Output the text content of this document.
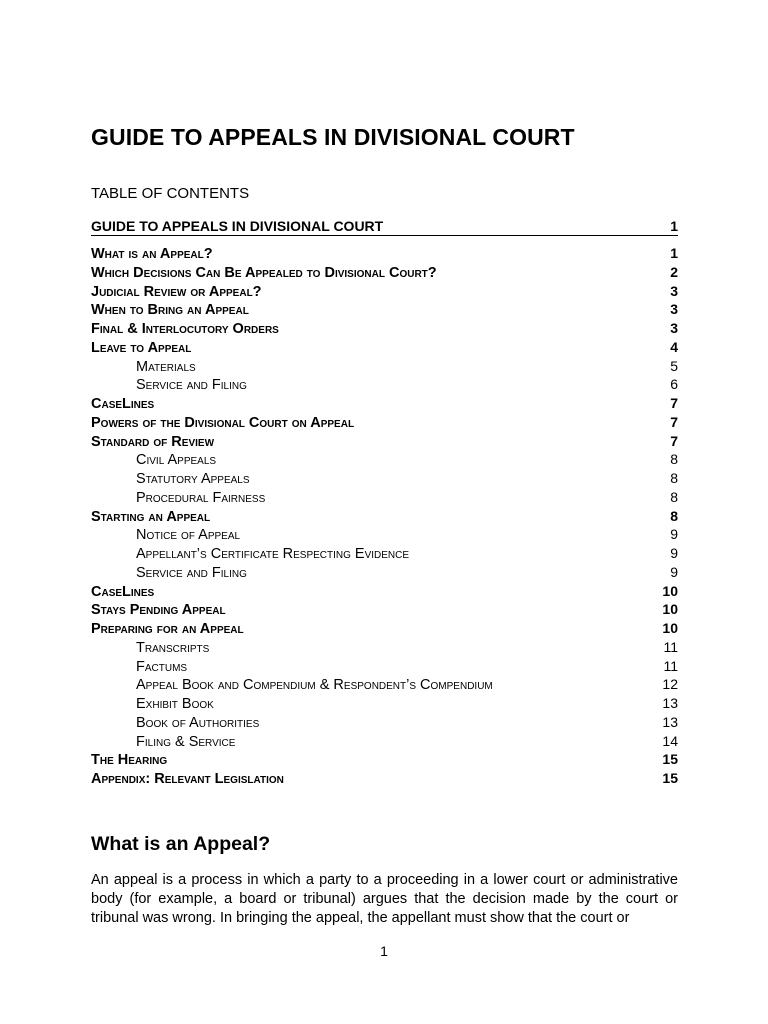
GUIDE TO APPEALS IN DIVISIONAL COURT
TABLE OF CONTENTS
GUIDE TO APPEALS IN DIVISIONAL COURT	1
What is an Appeal?	1
Which Decisions Can Be Appealed to Divisional Court?	2
Judicial Review or Appeal?	3
When to Bring an Appeal	3
Final & Interlocutory Orders	3
Leave to Appeal	4
Materials	5
Service and Filing	6
CaseLines	7
Powers of the Divisional Court on Appeal	7
Standard of Review	7
Civil Appeals	8
Statutory Appeals	8
Procedural Fairness	8
Starting an Appeal	8
Notice of Appeal	9
Appellant’s Certificate Respecting Evidence	9
Service and Filing	9
CaseLines	10
Stays Pending Appeal	10
Preparing for an Appeal	10
Transcripts	11
Factums	11
Appeal Book and Compendium & Respondent’s Compendium	12
Exhibit Book	13
Book of Authorities	13
Filing & Service	14
The Hearing	15
Appendix: Relevant Legislation	15
What is an Appeal?
An appeal is a process in which a party to a proceeding in a lower court or administrative body (for example, a board or tribunal) argues that the decision made by the court or tribunal was wrong. In bringing the appeal, the appellant must show that the court or
1
